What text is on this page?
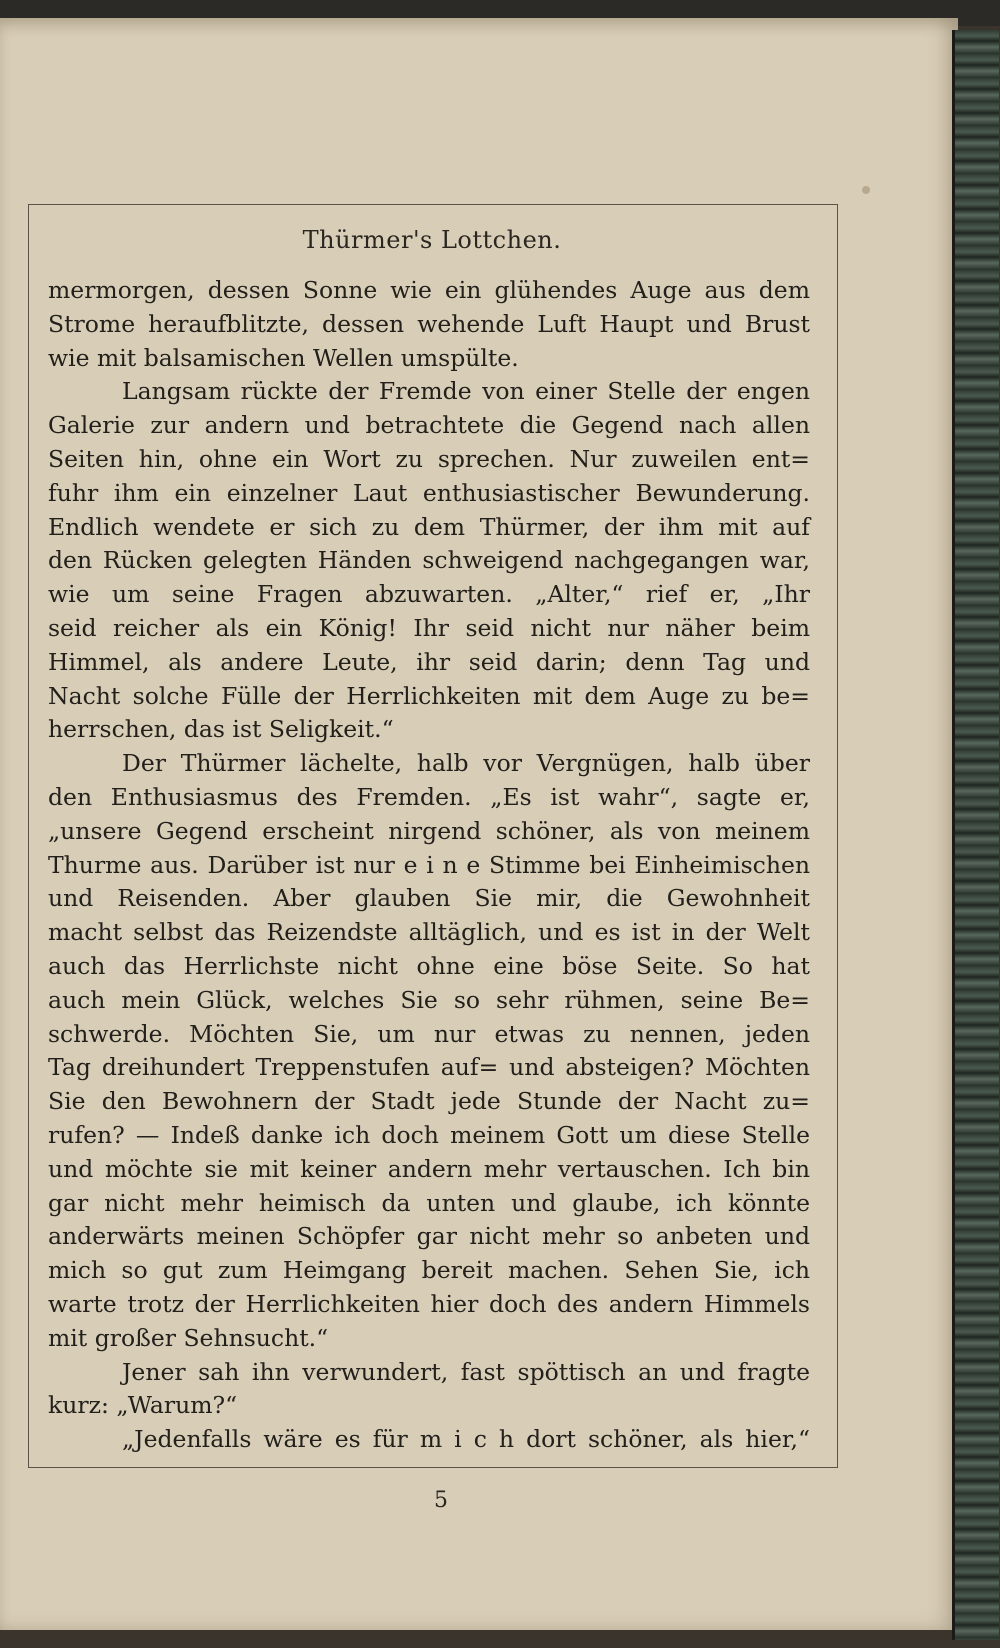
Thürmer's Lottchen.
mermorgen, dessen Sonne wie ein glühendes Auge aus dem
Strome heraufblitzte, dessen wehende Luft Haupt und Brust
wie mit balsamischen Wellen umspülte.
Langsam rückte der Fremde von einer Stelle der engen
Galerie zur andern und betrachtete die Gegend nach allen
Seiten hin, ohne ein Wort zu sprechen. Nur zuweilen ent=
fuhr ihm ein einzelner Laut enthusiastischer Bewunderung.
Endlich wendete er sich zu dem Thürmer, der ihm mit auf
den Rücken gelegten Händen schweigend nachgegangen war,
wie um seine Fragen abzuwarten. „Alter,“ rief er, „Ihr
seid reicher als ein König! Ihr seid nicht nur näher beim
Himmel, als andere Leute, ihr seid darin; denn Tag und
Nacht solche Fülle der Herrlichkeiten mit dem Auge zu be=
herrschen, das ist Seligkeit.“
Der Thürmer lächelte, halb vor Vergnügen, halb über
den Enthusiasmus des Fremden. „Es ist wahr“, sagte er,
„unsere Gegend erscheint nirgend schöner, als von meinem
Thurme aus. Darüber ist nur e i n e Stimme bei Einheimischen
und Reisenden. Aber glauben Sie mir, die Gewohnheit
macht selbst das Reizendste alltäglich, und es ist in der Welt
auch das Herrlichste nicht ohne eine böse Seite. So hat
auch mein Glück, welches Sie so sehr rühmen, seine Be=
schwerde. Möchten Sie, um nur etwas zu nennen, jeden
Tag dreihundert Treppenstufen auf= und absteigen? Möchten
Sie den Bewohnern der Stadt jede Stunde der Nacht zu=
rufen? — Indeß danke ich doch meinem Gott um diese Stelle
und möchte sie mit keiner andern mehr vertauschen. Ich bin
gar nicht mehr heimisch da unten und glaube, ich könnte
anderwärts meinen Schöpfer gar nicht mehr so anbeten und
mich so gut zum Heimgang bereit machen. Sehen Sie, ich
warte trotz der Herrlichkeiten hier doch des andern Himmels
mit großer Sehnsucht.“
Jener sah ihn verwundert, fast spöttisch an und fragte
kurz: „Warum?“
„Jedenfalls wäre es für m i c h dort schöner, als hier,“
5
